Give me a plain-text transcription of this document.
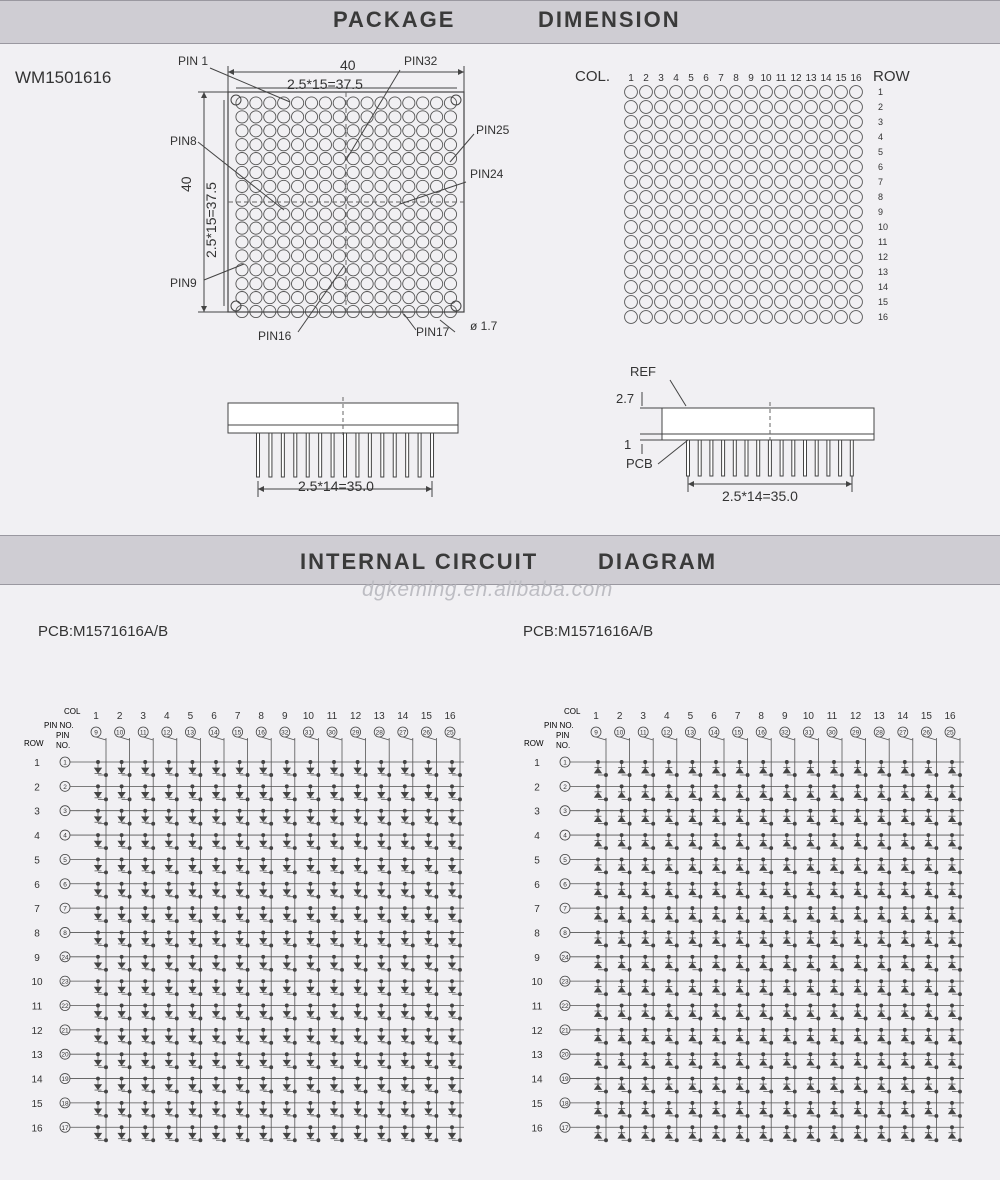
PACKAGE	DIMENSION
WM1501616
40
2.5*15=37.5
40 2.5*15=37.5
PIN 1	PIN32
PIN8
PIN25
PIN24
PIN9
PIN16	PIN17 ø 1.7
COL.	ROW
1 2 3 4 5 6 7 8 9 10 11 12 13 14 15 16
1
2
3
4
5
6
7
8
9
10
11
12
13
14
15
16
2.5*14=35.0
REF
2.7
1
PCB
2.5*14=35.0
INTERNAL CIRCUIT	DIAGRAM
dgkeming.en.alibaba.com
PCB:M1571616A/B	PCB:M1571616A/B
COL
PIN NO.
PIN
NO.
ROW
1
9
2
10
3
11
4
12
5
13
6
14
7
15
8
16
9
32
10
31
11
30
12
29
13
28
14
27
15
26
16
25
1	1
2	2
3	3
4	4
5	5
6	6
7	7
8	8
9	24
10	23
11	22
12	21
13	20
14	19
15	18
16	17
COL
PIN NO.
PIN
NO.
ROW
1
9
2
10
3
11
4
12
5
13
6
14
7
15
8
16
9
32
10
31
11
30
12
29
13
28
14
27
15
26
16
25
1	1
2	2
3	3
4	4
5	5
6	6
7	7
8	8
9	24
10	23
11	22
12	21
13	20
14	19
15	18
16	17
